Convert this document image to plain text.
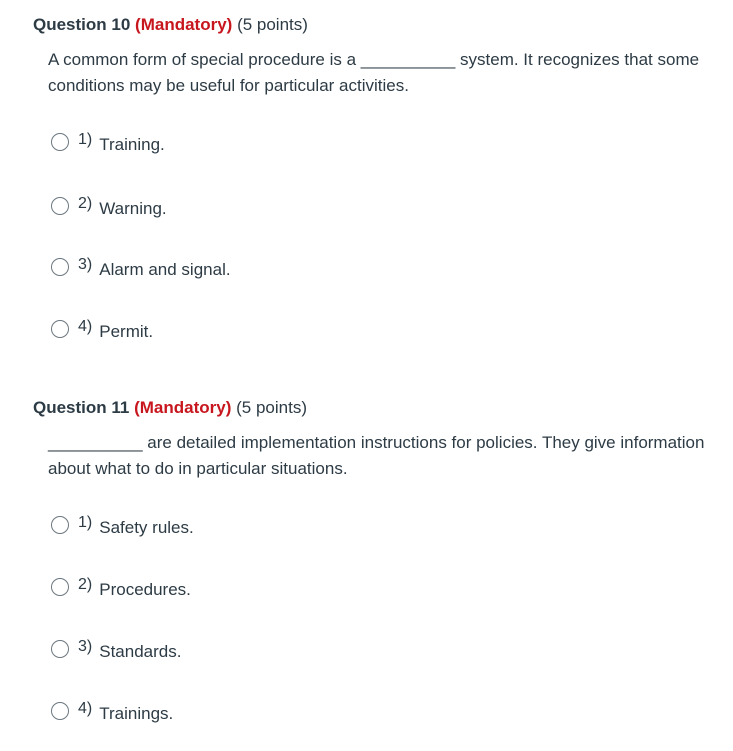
Question 10 (Mandatory) (5 points)
A common form of special procedure is a __________ system. It recognizes that some conditions may be useful for particular activities.
1) Training.
2) Warning.
3) Alarm and signal.
4) Permit.
Question 11 (Mandatory) (5 points)
__________ are detailed implementation instructions for policies. They give information about what to do in particular situations.
1) Safety rules.
2) Procedures.
3) Standards.
4) Trainings.
